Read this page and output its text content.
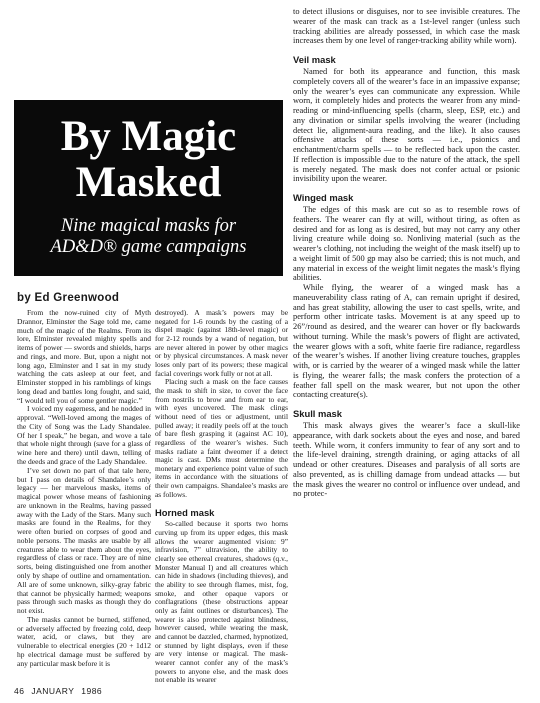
By Magic
Masked
Nine magical masks for
AD&D® game campaigns
by Ed Greenwood

From the now-ruined city of Myth Drannor, Elminster the Sage told me, came much of the magic of the Realms. From its lore, Elminster revealed mighty spells and items of power — swords and shields, harps and rings, and more. But, upon a night not long ago, Elminster and I sat in my study watching the cats asleep at our feet, and Elminster stopped in his ramblings of kings long dead and battles long fought, and said, “I would tell you of some gentler magic.”

I voiced my eagerness, and he nodded in approval. “Well-loved among the mages of the City of Song was the Lady Shandalee. Of her I speak,” he began, and wove a tale that whole night through (save for a glass of wine here and there) until dawn, telling of the deeds and grace of the Lady Shandalee.

I’ve set down no part of that tale here, but I pass on details of Shandalee’s only legacy — her marvelous masks, items of magical power whose means of fashioning are unknown in the Realms, having passed away with the Lady of the Stars. Many such masks are found in the Realms, for they were often buried on corpses of good and noble persons. The masks are usable by all creatures able to wear them about the eyes, regardless of class or race. They are of nine sorts, being distinguished one from another only by shape of outline and ornamentation. All are of some unknown, silky-gray fabric that cannot be physically harmed; weapons pass through such masks as though they do not exist.

The masks cannot be burned, stiffened, or adversely affected by freezing cold, deep water, acid, or claws, but they are vulnerable to electrical energies (20 + 1d12 hp electrical damage must be suffered by any particular mask before it is

destroyed). A mask’s powers may be negated for 1-6 rounds by the casting of a dispel magic (against 18th-level magic) or for 2-12 rounds by a wand of negation, but are never altered in power by other magics or by physical circumstances. A mask never loses only part of its powers; these magical facial coverings work fully or not at all.

Placing such a mask on the face causes the mask to shift in size, to cover the face from nostrils to brow and from ear to ear, with eyes uncovered. The mask clings without need of ties or adjustment, until pulled away; it readily peels off at the touch of bare flesh grasping it (against AC 10), regardless of the wearer’s wishes. Such masks radiate a faint dweomer if a detect magic is cast. DMs must determine the monetary and experience point value of such items in accordance with the situations of their own campaigns. Shandalee’s masks are as follows.

Horned mask

So-called because it sports two horns curving up from its upper edges, this mask allows the wearer augmented vision: 9” infravision, 7” ultravision, the ability to clearly see ethereal creatures, shadows (q.v., Monster Manual I) and all creatures which can hide in shadows (including thieves), and the ability to see through flames, mist, fog, smoke, and other opaque vapors or conflagrations (these obstructions appear only as faint outlines or disturbances). The wearer is also protected against blindness, however caused, while wearing the mask, and cannot be dazzled, charmed, hypnotized, or stunned by light displays, even if these are very intense or magical. The mask-wearer cannot confer any of the mask’s powers to anyone else, and the mask does not enable its wearer

to detect illusions or disguises, nor to see invisible creatures. The wearer of the mask can track as a 1st-level ranger (unless such tracking abilities are already possessed, in which case the mask increases them by one level of ranger-tracking ability while worn).

Veil mask

Named for both its appearance and function, this mask completely covers all of the wearer’s face in an impassive expanse; only the wearer’s eyes can communicate any expression. While worn, it completely hides and protects the wearer from any mind-reading or mind-influencing spells (charm, sleep, ESP, etc.) and any divination or similar spells involving the wearer (including detect lie, alignment-aura reading, and the like). It also causes offensive attacks of these sorts — i.e., psionics and enchantment/charm spells — to be reflected back upon the caster. If reflection is impossible due to the nature of the attack, the spell is merely negated. The mask does not confer actual or psionic invisibility upon the wearer.

Winged mask

The edges of this mask are cut so as to resemble rows of feathers. The wearer can fly at will, without tiring, as often as desired and for as long as is desired, but may not carry any other living creature while doing so. Nonliving material (such as the wearer’s clothing, not including the weight of the mask itself) up to a weight limit of 500 gp may also be carried; this is not much, and any material in excess of the weight limit negates the mask’s flying abilities.

While flying, the wearer of a winged mask has a maneuverability class rating of A, can remain upright if desired, and has great stability, allowing the user to cast spells, write, and perform other intricate tasks. Movement is at any speed up to 26”/round as desired, and the wearer can hover or fly backwards without turning. While the mask’s powers of flight are activated, the wearer glows with a soft, white faerie fire radiance, regardless of the wearer’s wishes. If another living creature touches, grapples with, or is carried by the wearer of a winged mask while the latter is flying, the wearer falls; the mask confers the protection of a feather fall spell on the mask wearer, but not upon the other contacting creature(s).

Skull mask

This mask always gives the wearer’s face a skull-like appearance, with dark sockets about the eyes and nose, and bared teeth. While worn, it confers immunity to fear of any sort and to the life-level draining, strength draining, or aging attacks of all undead or other creatures. Diseases and paralysis of all sorts are also prevented, as is chilling damage from undead attacks — but the mask gives the wearer no control or influence over undead, and no protec-

46 JANUARY 1986
